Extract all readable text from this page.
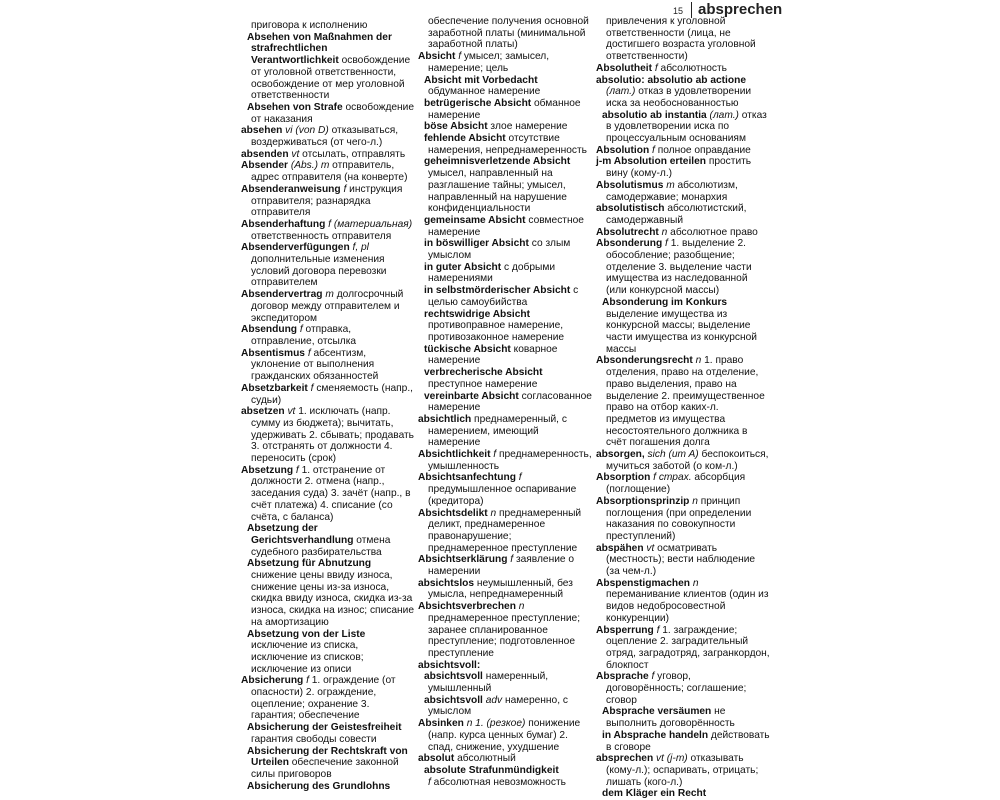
15 absprechen

приговора к исполнению

Absehen von Maßnahmen der strafrechtlichen Verantwortlichkeit освобождение от уголовной ответственности, освобождение от мер уголовной ответственности

Absehen von Strafe освобождение от наказания

absehen vi (von D) отказываться, воздерживаться (от чего-л.)

absenden vt отсылать, отправлять

Absender (Abs.) m отправитель, адрес отправителя (на конверте)

Absenderanweisung f инструкция отправителя; разнарядка отправителя

Absenderhaftung f (материальная) ответственность отправителя

Absenderverfügungen f, pl дополнительные изменения условий договора перевозки отправителем

Absendervertrag m долгосрочный договор между отправителем и экспедитором

Absendung f отправка, отправление, отсылка

Absentismus f абсентизм, уклонение от выполнения гражданских обязанностей

Absetzbarkeit f сменяемость (напр., судьи)

absetzen vt 1. исключать (напр. сумму из бюджета); вычитать, удерживать 2. сбывать; продавать 3. отстранять от должности 4. переносить (срок)

Absetzung f 1. отстранение от должности 2. отмена (напр., заседания суда) 3. зачёт (напр., в счёт платежа) 4. списание (со счёта, с баланса)

Absetzung der Gerichtsverhandlung отмена судебного разбирательства

Absetzung für Abnutzung снижение цены ввиду износа, снижение цены из-за износа, скидка ввиду износа, скидка из-за износа, скидка на износ; списание на амортизацию

Absetzung von der Liste исключение из списка, исключение из списков; исключение из описи

Absicherung f 1. ограждение (от опасности) 2. ограждение, оцепление; охранение 3. гарантия; обеспечение

Absicherung der Geistesfreiheit гарантия свободы совести

Absicherung der Rechtskraft von Urteilen обеспечение законной силы приговоров

Absicherung des Grundlohns

обеспечение получения основной заработной платы (минимальной заработной платы)

Absicht f умысел; замысел, намерение; цель

Absicht mit Vorbedacht обдуманное намерение

betrügerische Absicht обманное намерение

böse Absicht злое намерение

fehlende Absicht отсутствие намерения, непреднамеренность

geheimnisverletzende Absicht умысел, направленный на разглашение тайны; умысел, направленный на нарушение конфиденциальности

gemeinsame Absicht совместное намерение

in böswilliger Absicht со злым умыслом

in guter Absicht с добрыми намерениями

in selbstmörderischer Absicht с целью самоубийства

rechtswidrige Absicht противоправное намерение, противозаконное намерение

tückische Absicht коварное намерение

verbrecherische Absicht преступное намерение

vereinbarte Absicht согласованное намерение

absichtlich преднамеренный, с намерением, имеющий намерение

Absichtlichkeit f преднамеренность, умышленность

Absichtsanfechtung f предумышленное оспаривание (кредитора)

Absichtsdelikt n преднамеренный деликт, преднамеренное правонарушение; преднамеренное преступление

Absichtserklärung f заявление о намерении

absichtslos неумышленный, без умысла, непреднамеренный

Absichtsverbrechen n преднамеренное преступление; заранее спланированное преступление; подготовленное преступление

absichtsvoll:

absichtsvoll намеренный, умышленный

absichtsvoll adv намеренно, с умыслом

Absinken n 1. (резкое) понижение (напр. курса ценных бумаг) 2. спад, снижение, ухудшение

absolut абсолютный

absolute Strafunmündigkeit

f абсолютная невозможность

привлечения к уголовной ответственности (лица, не достигшего возраста уголовной ответственности)

Absolutheit f абсолютность

absolutio: absolutio ab actione (лат.) отказ в удовлетворении иска за необоснованностью

absolutio ab instantia (лат.) отказ в удовлетворении иска по процессуальным основаниям

Absolution f полное оправдание

j-m Absolution erteilen простить вину (кому-л.)

Absolutismus m абсолютизм, самодержавие; монархия

absolutistisch абсолютистский, самодержавный

Absolutrecht n абсолютное право

Absonderung f 1. выделение 2. обособление; разобщение; отделение 3. выделение части имущества из наследованной (или конкурсной массы)

Absonderung im Konkurs выделение имущества из конкурсной массы; выделение части имущества из конкурсной массы

Absonderungsrecht n 1. право отделения, право на отделение, право выделения, право на выделение 2. преимущественное право на отбор каких-л. предметов из имущества несостоятельного должника в счёт погашения долга

absorgen, sich (um A) беспокоиться, мучиться заботой (о ком-л.)

Absorption f страх. абсорбция (поглощение)

Absorptionsprinzip n принцип поглощения (при определении наказания по совокупности преступлений)

abspähen vt осматривать (местность); вести наблюдение (за чем-л.)

Abspenstigmachen n переманивание клиентов (один из видов недобросовестной конкуренции)

Absperrung f 1. заграждение; оцепление 2. заградительный отряд, заградотряд, загранкордон, блокпост

Absprache f уговор, договорённость; соглашение; сговор

Absprache versäumen не выполнить договорённость

in Absprache handeln действовать в сговоре

absprechen vt (j-m) отказывать (кому-л.); оспаривать, отрицать; лишать (кого-л.)

dem Kläger ein Recht
